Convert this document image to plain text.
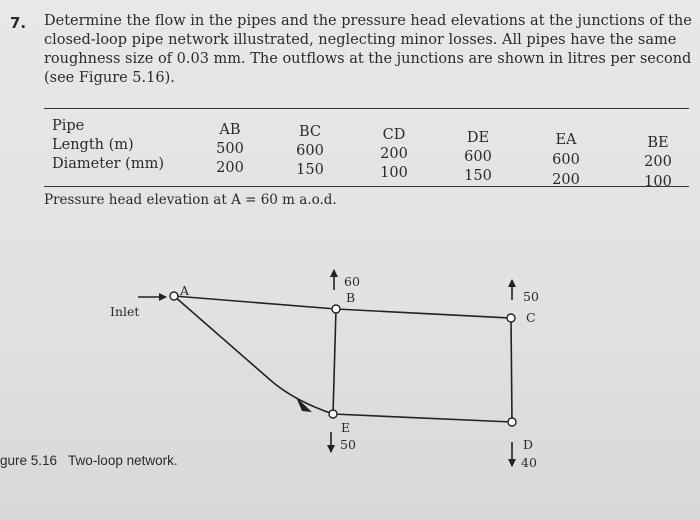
7. Determine the flow in the pipes and the pressure head elevations at the junctions of the
closed-loop pipe network illustrated, neglecting minor losses. All pipes have the same
roughness size of 0.03 mm. The outflows at the junctions are shown in litres per second
(see Figure 5.16).
Pipe
Length (m)
Diameter (mm)
AB
500
200
BC
600
150
CD
200
100
DE
600
150
EA
600
200
BE
200
100
Pressure head elevation at A = 60 m a.o.d.
Inlet
A	B
C
D
E
60
50
40
50
gure 5.16   Two-loop network.
